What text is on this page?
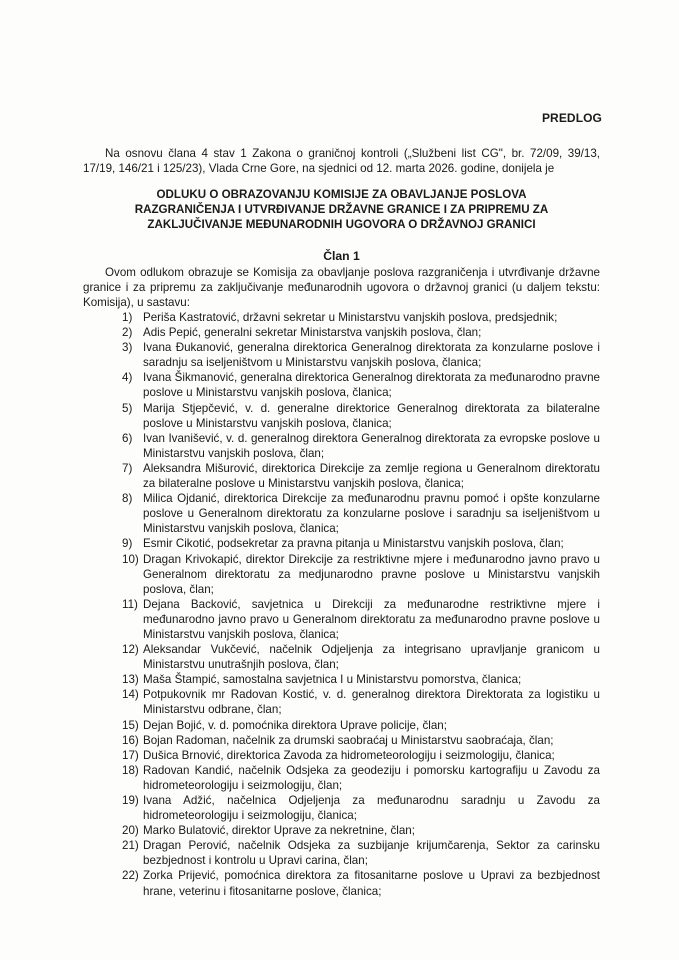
PREDLOG
Na osnovu člana 4 stav 1 Zakona o graničnoj kontroli („Službeni list CG", br. 72/09, 39/13, 17/19, 146/21 i 125/23), Vlada Crne Gore, na sjednici od 12. marta 2026. godine, donijela je
ODLUKU O OBRAZOVANJU KOMISIJE ZA OBAVLJANJE POSLOVA
RAZGRANIČENJA I UTVRĐIVANJE DRŽAVNE GRANICE I ZA PRIPREMU ZA
ZAKLJUČIVANJE MEĐUNARODNIH UGOVORA O DRŽAVNOJ GRANICI
Član 1
Ovom odlukom obrazuje se Komisija za obavljanje poslova razgraničenja i utvrđivanje državne granice i za pripremu za zaključivanje međunarodnih ugovora o državnoj granici (u daljem tekstu: Komisija), u sastavu:
1) Periša Kastratović, državni sekretar u Ministarstvu vanjskih poslova, predsjednik;
2) Adis Pepić, generalni sekretar Ministarstva vanjskih poslova, član;
3) Ivana Đukanović, generalna direktorica Generalnog direktorata za konzularne poslove i saradnju sa iseljeništvom u Ministarstvu vanjskih poslova, članica;
4) Ivana Šikmanović, generalna direktorica Generalnog direktorata za međunarodno pravne poslove u Ministarstvu vanjskih poslova, članica;
5) Marija Stjepčević, v. d. generalne direktorice Generalnog direktorata za bilateralne poslove u Ministarstvu vanjskih poslova, članica;
6) Ivan Ivanišević, v. d. generalnog direktora Generalnog direktorata za evropske poslove u Ministarstvu vanjskih poslova, član;
7) Aleksandra Mišurović, direktorica Direkcije za zemlje regiona u Generalnom direktoratu za bilateralne poslove u Ministarstvu vanjskih poslova, članica;
8) Milica Ojdanić, direktorica Direkcije za međunarodnu pravnu pomoć i opšte konzularne poslove u Generalnom direktoratu za konzularne poslove i saradnju sa iseljeništvom u Ministarstvu vanjskih poslova, članica;
9) Esmir Cikotić, podsekretar za pravna pitanja u Ministarstvu vanjskih poslova, član;
10) Dragan Krivokapić, direktor Direkcije za restriktivne mjere i međunarodno javno pravo u Generalnom direktoratu za medjunarodno pravne poslove u Ministarstvu vanjskih poslova, član;
11) Dejana Backović, savjetnica u Direkciji za međunarodne restriktivne mjere i međunarodno javno pravo u Generalnom direktoratu za međunarodno pravne poslove u Ministarstvu vanjskih poslova, članica;
12) Aleksandar Vukčević, načelnik Odjeljenja za integrisano upravljanje granicom u Ministarstvu unutrašnjih poslova, član;
13) Maša Štampić, samostalna savjetnica I u Ministarstvu pomorstva, članica;
14) Potpukovnik mr Radovan Kostić, v. d. generalnog direktora Direktorata za logistiku u Ministarstvu odbrane, član;
15) Dejan Bojić, v. d. pomoćnika direktora Uprave policije, član;
16) Bojan Radoman, načelnik za drumski saobraćaj u Ministarstvu saobraćaja, član;
17) Dušica Brnović, direktorica Zavoda za hidrometeorologiju i seizmologiju, članica;
18) Radovan Kandić, načelnik Odsjeka za geodeziju i pomorsku kartografiju u Zavodu za hidrometeorologiju i seizmologiju, član;
19) Ivana Adžić, načelnica Odjeljenja za međunarodnu saradnju u Zavodu za hidrometeorologiju i seizmologiju, članica;
20) Marko Bulatović, direktor Uprave za nekretnine, član;
21) Dragan Perović, načelnik Odsjeka za suzbijanje krijumčarenja, Sektor za carinsku bezbjednost i kontrolu u Upravi carina, član;
22) Zorka Prijević, pomoćnica direktora za fitosanitarne poslove u Upravi za bezbjednost hrane, veterinu i fitosanitarne poslove, članica;
